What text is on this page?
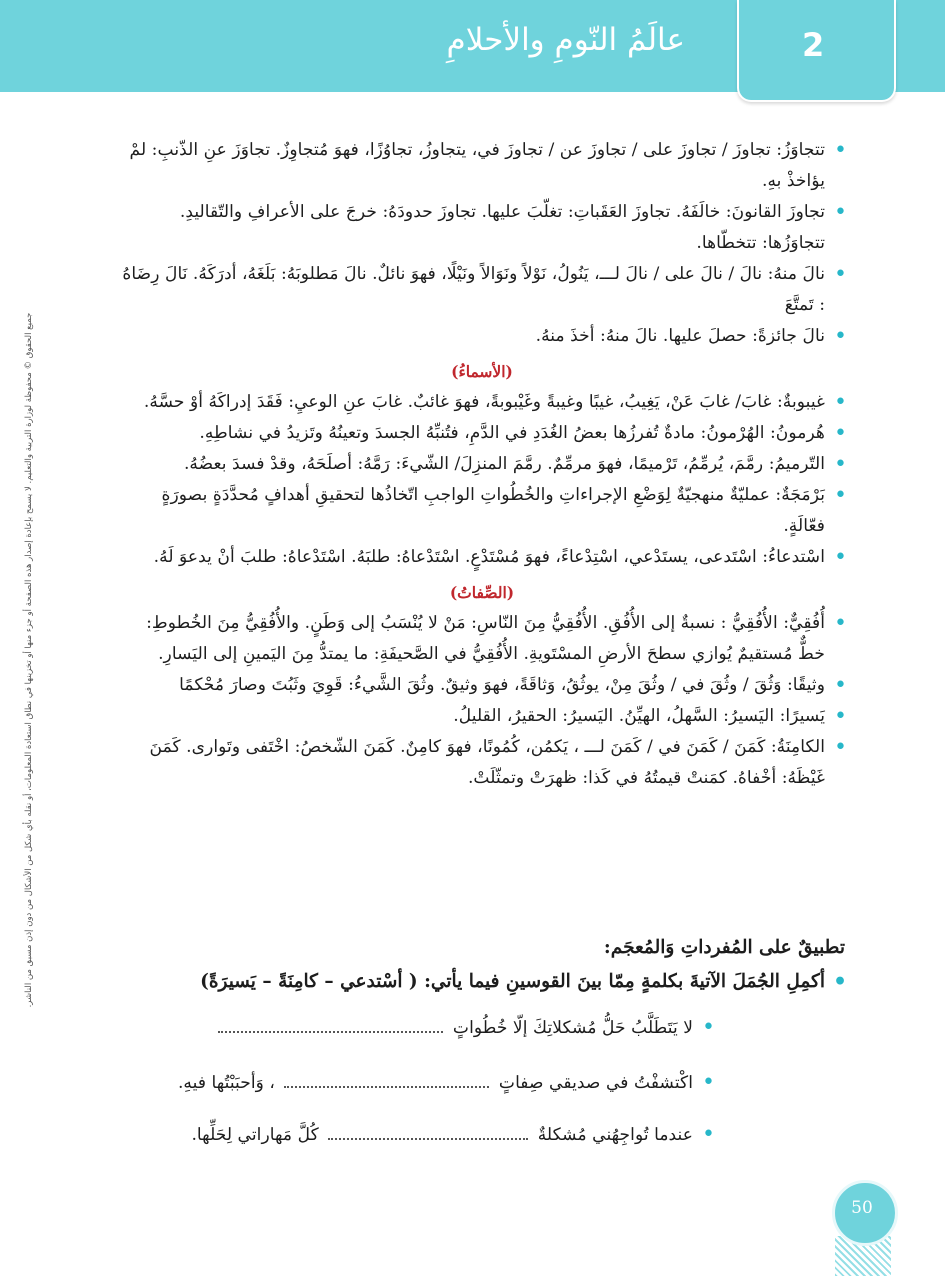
عالَمُ النّومِ والأحلامِ	2
جميع الحقوق © محفوظة لوزارة التربية والتعليم. لا يسمح بإعادة إصدار هذه الصفحة أو جزء منها أو تخزينها في نطاق استعادة المعلومات، أو نقله بأي شكل من الأشكال من دون إذن مسبق من الناشر.
• تتجاوَزُ: تجاوزَ / تجاوزَ على / تجاوزَ عن / تجاوزَ في، يتجاوزُ، تجاوُزًا، فهوَ مُتجاوِزٌ. تجاوَزَ عنِ الذّنبِ: لمْ يؤاخذْ بهِ.
• تجاوزَ القانونَ: خالَفَهُ. تجاوزَ العَقَباتِ: تغلّبَ عليها. تجاوزَ حدودَهُ: خرجَ على الأعرافِ والتّقاليدِ. تتجاوَزُها: تتخطّاها.
• نالَ منهُ: نالَ / نالَ على / نالَ لـــ، يَنُولُ، نَوْلاً ونَوَالاً ونَيْلًا، فهوَ نائلٌ. نالَ مَطلوبَهُ: بَلَغَهُ، أدرَكَهُ. نَالَ رِضَاهُ : تَمتَّعَ
• نالَ جائزةً: حصلَ عليها. نالَ منهُ: أخذَ منهُ.
(الأسماءُ)
• غيبوبةٌ: غابَ/ غابَ عَنْ، يَغِيبُ، غيبًا وغيبةً وغَيْبوبةً، فهوَ غائبٌ. غابَ عنِ الوعيِ: فَقَدَ إدراكَهُ أوْ حسَّهُ.
• هُرمونُ: الهُرْمونُ: مادةٌ تُفرزُها بعضُ الغُدَدِ في الدَّمِ، فتُنبِّهُ الجسدَ وتعينُهُ وتَزيدُ في نشاطِهِ.
• التّرميمُ: رمَّمَ، يُرمِّمُ، تَرْميمًا، فهوَ مرمِّمٌ. رمَّمَ المنزِلَ/ الشّيءَ: رَمَّهُ: أصلَحَهُ، وقدْ فسدَ بعضُهُ.
• بَرْمَجَةٌ: عمليّةٌ منهجيّةٌ لِوَضْعِ الإجراءاتِ والخُطُواتِ الواجبِ اتّخاذُها لتحقيقِ أهدافٍ مُحدَّدَةٍ بصورَةٍ فعّالَةٍ.
• اسْتدعاءُ: اسْتَدعى، يستَدْعي، اسْتِدْعاءً، فهوَ مُسْتَدْعٍ. اسْتَدْعاهُ: طلبَهُ. اسْتَدْعاهُ: طلبَ أنْ يدعوَ لَهُ.
(الصِّفاتُ)
• أُفُقِيٌّ: الأُفُقِيُّ : نسبةٌ إلى الأُفُقِ. الأُفُقِيُّ مِنَ النّاسِ: مَنْ لا يُنْسَبُ إلى وَطَنٍ. والأُفُقِيُّ مِنَ الخُطوطِ: خطٌّ مُستقيمٌ يُوازي سطحَ الأرضِ المسْتَويةِ. الأُفُقِيُّ في الصَّحيفَةِ: ما يمتدُّ مِنَ اليَمينِ إلى اليَسارِ.
• وثيقًا: وَثُقَ / وثُقَ في / وثُقَ مِنْ، يوثُقُ، وَثاقَةً، فهوَ وثيقٌ. وثُقَ الشَّيءُ: قَوِيَ وثَبُتَ وصارَ مُحْكمًا
• يَسيرًا: اليَسيرُ: السَّهلُ، الهيِّنُ. اليَسيرُ: الحقيرُ، القليلُ.
• الكامِنَةُ: كَمَنَ / كَمَنَ في / كَمَنَ لـــ ، يَكمُن، كُمُونًا، فهوَ كامِنٌ. كَمَنَ الشّخصُ: اخْتَفى وتَوارى. كَمَنَ غَيْظَهُ: أخْفاهُ. كمَنتْ قيمتُهُ في كَذا: ظهرَتْ وتمثّلَتْ.
تطبيقٌ على المُفرداتِ وَالمُعجَم:
• أكمِلِ الجُمَلَ الآتيةَ بكلمةٍ مِمّا بينَ القوسينِ فيما يأتي: ( أسْتدعي – كامِنَةً – يَسيرَةً)
• لا يَتَطَلَّبُ حَلُّ مُشكلاتِكَ إلّا خُطُواتٍ
• اكْتشفْتُ في صديقي صِفاتٍ  ، وَأحبَبْتُها فيهِ.
• عندما تُواجِهُني مُشكلةٌ  كُلَّ مَهاراتي لِحَلِّها.
50
